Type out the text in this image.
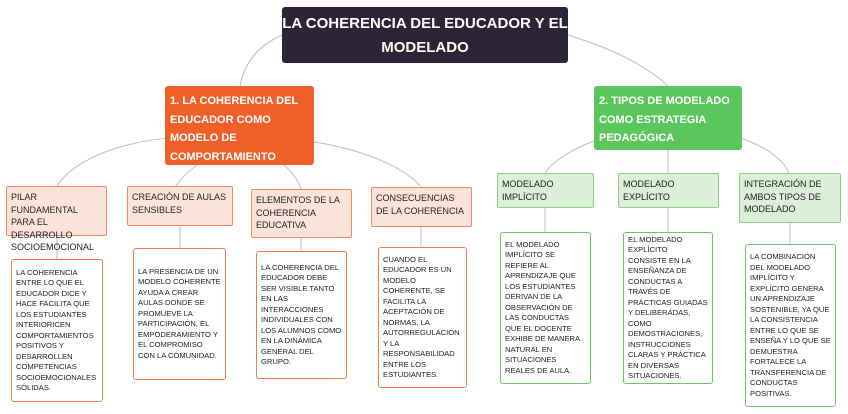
LA COHERENCIA DEL EDUCADOR Y EL MODELADO
1. LA COHERENCIA DEL EDUCADOR COMO MODELO DE COMPORTAMIENTO
2. TIPOS DE MODELADO COMO ESTRATEGIA PEDAGÓGICA
PILAR FUNDAMENTAL PARA EL DESARROLLO SOCIOEMOCIONAL
CREACIÓN DE AULAS SENSIBLES
ELEMENTOS DE LA COHERENCIA EDUCATIVA
CONSECUENCIAS DE LA COHERENCIA
MODELADO IMPLÍCITO
MODELADO EXPLÍCITO
INTEGRACIÓN DE AMBOS TIPOS DE MODELADO
LA COHERENCIA ENTRE LO QUE EL EDUCADOR DICE Y HACE FACILITA QUE LOS ESTUDIANTES INTERIORICEN COMPORTAMIENTOS POSITIVOS Y DESARROLLEN COMPETENCIAS SOCIOEMOCIONALES SÓLIDAS.
LA PRESENCIA DE UN MODELO COHERENTE AYUDA A CREAR AULAS DONDE SE PROMUEVE LA PARTICIPACIÓN, EL EMPODERAMIENTO Y EL COMPROMISO CON LA COMUNIDAD.
LA COHERENCIA DEL EDUCADOR DEBE SER VISIBLE TANTO EN LAS INTERACCIONES INDIVIDUALES CON LOS ALUMNOS COMO EN LA DINÁMICA GENERAL DEL GRUPO.
CUANDO EL EDUCADOR ES UN MODELO COHERENTE, SE FACILITA LA ACEPTACIÓN DE NORMAS, LA AUTORREGULACIÓN Y LA RESPONSABILIDAD ENTRE LOS ESTUDIANTES.
EL MODELADO IMPLÍCITO SE REFIERE AL APRENDIZAJE QUE LOS ESTUDIANTES DERIVAN DE LA OBSERVACIÓN DE LAS CONDUCTAS QUE EL DOCENTE EXHIBE DE MANERA NATURAL EN SITUACIONES REALES DE AULA.
EL MODELADO EXPLÍCITO CONSISTE EN LA ENSEÑANZA DE CONDUCTAS A TRAVÉS DE PRÁCTICAS GUIADAS Y DELIBERADAS, COMO DEMOSTRACIONES, INSTRUCCIONES CLARAS Y PRÁCTICA EN DIVERSAS SITUACIONES.
LA COMBINACIÓN DEL MODELADO IMPLÍCITO Y EXPLÍCITO GENERA UN APRENDIZAJE SOSTENIBLE, YA QUE LA CONSISTENCIA ENTRE LO QUE SE ENSEÑA Y LO QUE SE DEMUESTRA FORTALECE LA TRANSFERENCIA DE CONDUCTAS POSITIVAS.
